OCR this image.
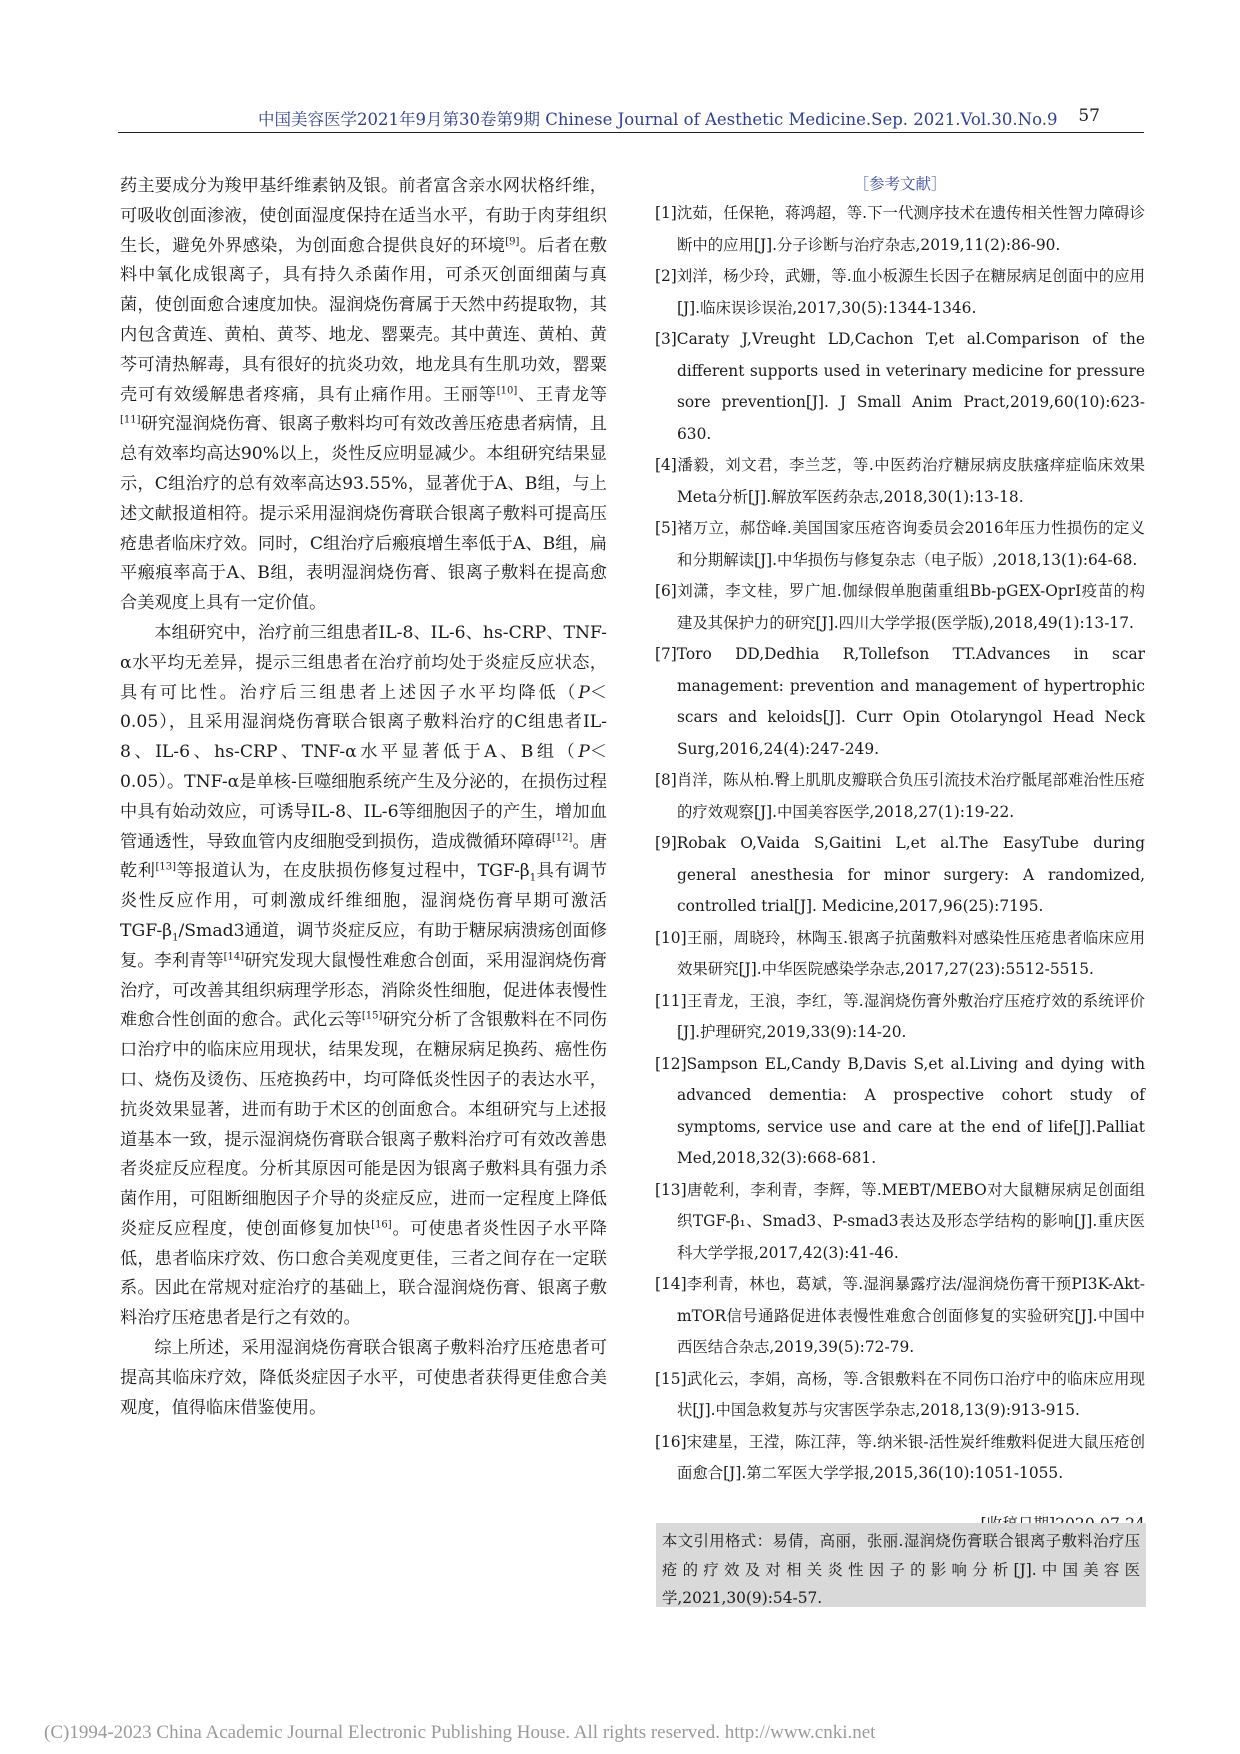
中国美容医学2021年9月第30卷第9期 Chinese Journal of Aesthetic Medicine.Sep. 2021.Vol.30.No.9 57

药主要成分为羧甲基纤维素钠及银。前者富含亲水网状格纤维，可吸收创面渗液，使创面湿度保持在适当水平，有助于肉芽组织生长，避免外界感染，为创面愈合提供良好的环境[9]。后者在敷料中氧化成银离子，具有持久杀菌作用，可杀灭创面细菌与真菌，使创面愈合速度加快。湿润烧伤膏属于天然中药提取物，其内包含黄连、黄柏、黄芩、地龙、罂粟壳。其中黄连、黄柏、黄芩可清热解毒，具有很好的抗炎功效，地龙具有生肌功效，罂粟壳可有效缓解患者疼痛，具有止痛作用。王丽等[10]、王青龙等[11]研究湿润烧伤膏、银离子敷料均可有效改善压疮患者病情，且总有效率均高达90%以上，炎性反应明显减少。本组研究结果显示，C组治疗的总有效率高达93.55%，显著优于A、B组，与上述文献报道相符。提示采用湿润烧伤膏联合银离子敷料可提高压疮患者临床疗效。同时，C组治疗后瘢痕增生率低于A、B组，扁平瘢痕率高于A、B组，表明湿润烧伤膏、银离子敷料在提高愈合美观度上具有一定价值。

本组研究中，治疗前三组患者IL-8、IL-6、hs-CRP、TNF-α水平均无差异，提示三组患者在治疗前均处于炎症反应状态，具有可比性。治疗后三组患者上述因子水平均降低（P＜0.05），且采用湿润烧伤膏联合银离子敷料治疗的C组患者IL-8、IL-6、hs-CRP、TNF-α水平显著低于A、B组（P＜0.05）。TNF-α是单核-巨噬细胞系统产生及分泌的，在损伤过程中具有始动效应，可诱导IL-8、IL-6等细胞因子的产生，增加血管通透性，导致血管内皮细胞受到损伤，造成微循环障碍[12]。唐乾利[13]等报道认为，在皮肤损伤修复过程中，TGF-$\beta_1$具有调节炎性反应作用，可刺激成纤维细胞，湿润烧伤膏早期可激活TGF-$\beta_1/Smad3$通道，调节炎症反应，有助于糖尿病溃疡创面修复。李利青等[14]研究发现大鼠慢性难愈合创面，采用湿润烧伤膏治疗，可改善其组织病理学形态，消除炎性细胞，促进体表慢性难愈合性创面的愈合。武化云等[15]研究分析了含银敷料在不同伤口治疗中的临床应用现状，结果发现，在糖尿病足换药、癌性伤口、烧伤及烫伤、压疮换药中，均可降低炎性因子的表达水平，抗炎效果显著，进而有助于术区的创面愈合。本组研究与上述报道基本一致，提示湿润烧伤膏联合银离子敷料治疗可有效改善患者炎症反应程度。分析其原因可能是因为银离子敷料具有强力杀菌作用，可阻断细胞因子介导的炎症反应，进而一定程度上降低炎症反应程度，使创面修复加快[16]。可使患者炎性因子水平降低，患者临床疗效、伤口愈合美观度更佳，三者之间存在一定联系。因此在常规对症治疗的基础上，联合湿润烧伤膏、银离子敷料治疗压疮患者是行之有效的。

综上所述，采用湿润烧伤膏联合银离子敷料治疗压疮患者可提高其临床疗效，降低炎症因子水平，可使患者获得更佳愈合美观度，值得临床借鉴使用。

［参考文献］

[1]沈茹，任保艳，蒋鸿超，等.下一代测序技术在遗传相关性智力障碍诊断中的应用[J].分子诊断与治疗杂志,2019,11(2):86-90.

[2]刘洋，杨少玲，武姗，等.血小板源生长因子在糖尿病足创面中的应用[J].临床误诊误治,2017,30(5):1344-1346.

[3]Caraty J,Vreught LD,Cachon T,et al.Comparison of the different supports used in veterinary medicine for pressure sore prevention[J]. J Small Anim Pract,2019,60(10):623-630.

[4]潘毅，刘文君，李兰芝，等.中医药治疗糖尿病皮肤瘙痒症临床效果Meta分析[J].解放军医药杂志,2018,30(1):13-18.

[5]褚万立，郝岱峰.美国国家压疮咨询委员会2016年压力性损伤的定义和分期解读[J].中华损伤与修复杂志（电子版）,2018,13(1):64-68.

[6]刘潇，李文桂，罗广旭.伽绿假单胞菌重组Bb-pGEX-OprI疫苗的构建及其保护力的研究[J].四川大学学报(医学版),2018,49(1):13-17.

[7]Toro DD,Dedhia R,Tollefson TT.Advances in scar management: prevention and management of hypertrophic scars and keloids[J]. Curr Opin Otolaryngol Head Neck Surg,2016,24(4):247-249.

[8]肖洋，陈从柏.臀上肌肌皮瓣联合负压引流技术治疗骶尾部难治性压疮的疗效观察[J].中国美容医学,2018,27(1):19-22.

[9]Robak O,Vaida S,Gaitini L,et al.The EasyTube during general anesthesia for minor surgery: A randomized, controlled trial[J]. Medicine,2017,96(25):7195.

[10]王丽，周晓玲，林陶玉.银离子抗菌敷料对感染性压疮患者临床应用效果研究[J].中华医院感染学杂志,2017,27(23):5512-5515.

[11]王青龙，王浪，李红，等.湿润烧伤膏外敷治疗压疮疗效的系统评价[J].护理研究,2019,33(9):14-20.

[12]Sampson EL,Candy B,Davis S,et al.Living and dying with advanced dementia: A prospective cohort study of symptoms, service use and care at the end of life[J].Palliat Med,2018,32(3):668-681.

[13]唐乾利，李利青，李辉，等.MEBT/MEBO对大鼠糖尿病足创面组织TGF-β₁、Smad3、P-smad3表达及形态学结构的影响[J].重庆医科大学学报,2017,42(3):41-46.

[14]李利青，林也，葛斌，等.湿润暴露疗法/湿润烧伤膏干预PI3K-Akt-mTOR信号通路促进体表慢性难愈合创面修复的实验研究[J].中国中西医结合杂志,2019,39(5):72-79.

[15]武化云，李娟，高杨，等.含银敷料在不同伤口治疗中的临床应用现状[J].中国急救复苏与灾害医学杂志,2018,13(9):913-915.

[16]宋建星，王滢，陈江萍，等.纳米银-活性炭纤维敷料促进大鼠压疮创面愈合[J].第二军医大学学报,2015,36(10):1051-1055.

本文引用格式：易倩，高丽，张丽.湿润烧伤膏联合银离子敷料治疗压疮的疗效及对相关炎性因子的影响分析[J].中国美容医学,2021,30(9):54-57.
(C)1994-2023 China Academic Journal Electronic Publishing House. All rights reserved. http://www.cnki.net
